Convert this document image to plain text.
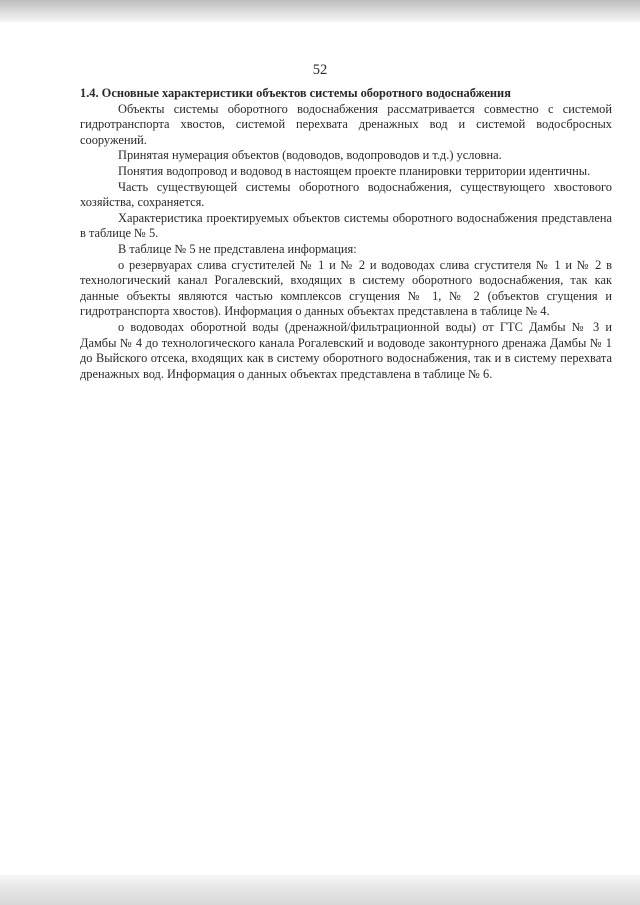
52

1.4. Основные характеристики объектов системы оборотного водоснабжения

Объекты системы оборотного водоснабжения рассматривается совместно с системой гидротранспорта хвостов, системой перехвата дренажных вод и системой водосбросных сооружений.

Принятая нумерация объектов (водоводов, водопроводов и т.д.) условна.

Понятия водопровод и водовод в настоящем проекте планировки территории идентичны.

Часть существующей системы оборотного водоснабжения, существующего хвостового хозяйства, сохраняется.

Характеристика проектируемых объектов системы оборотного водоснабжения представлена в таблице № 5.

В таблице № 5 не представлена информация:

о резервуарах слива сгустителей № 1 и № 2 и водоводах слива сгустителя № 1 и № 2 в технологический канал Рогалевский, входящих в систему оборотного водоснабжения, так как данные объекты являются частью комплексов сгущения № 1, № 2 (объектов сгущения и гидротранспорта хвостов). Информация о данных объектах представлена в таблице № 4.

о водоводах оборотной воды (дренажной/фильтрационной воды) от ГТС Дамбы № 3 и Дамбы № 4 до технологического канала Рогалевский и водоводе законтурного дренажа Дамбы № 1 до Выйского отсека, входящих как в систему оборотного водоснабжения, так и в систему перехвата дренажных вод. Информация о данных объектах представлена в таблице № 6.
